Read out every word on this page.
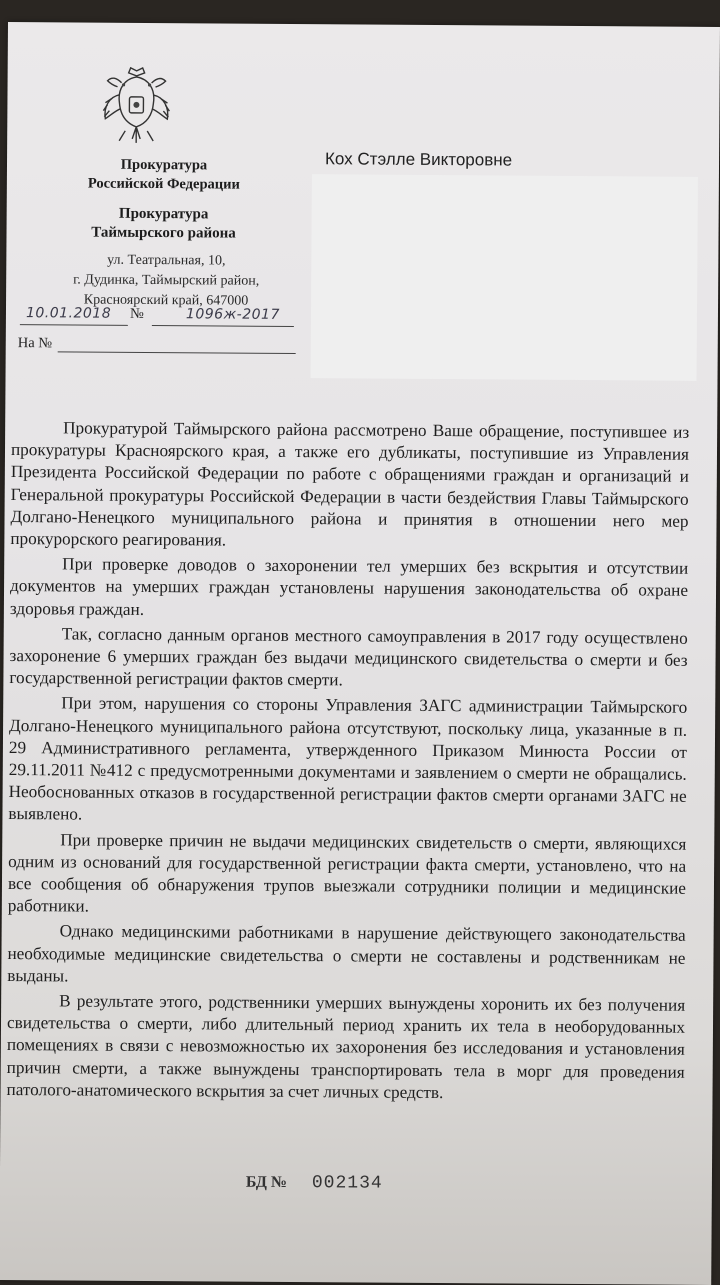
Прокуратура
Российской Федерации
Прокуратура
Таймырского района
ул. Театральная, 10,
г. Дудинка, Таймырский район,
Красноярский край, 647000
10.01.2018 №	1096ж-2017
На №
Кох Стэлле Викторовне

Прокуратурой Таймырского района рассмотрено Ваше обращение, поступившее из прокуратуры Красноярского края, а также его дубликаты, поступившие из Управления Президента Российской Федерации по работе с обращениями граждан и организаций и Генеральной прокуратуры Российской Федерации в части бездействия Главы Таймырского Долгано-Ненецкого муниципального района и принятия в отношении него мер прокурорского реагирования.

При проверке доводов о захоронении тел умерших без вскрытия и отсутствии документов на умерших граждан установлены нарушения законодательства об охране здоровья граждан.

Так, согласно данным органов местного самоуправления в 2017 году осуществлено захоронение 6 умерших граждан без выдачи медицинского свидетельства о смерти и без государственной регистрации фактов смерти.

При этом, нарушения со стороны Управления ЗАГС администрации Таймырского Долгано-Ненецкого муниципального района отсутствуют, поскольку лица, указанные в п. 29 Административного регламента, утвержденного Приказом Минюста России от 29.11.2011 №412 с предусмотренными документами и заявлением о смерти не обращались. Необоснованных отказов в государственной регистрации фактов смерти органами ЗАГС не выявлено.

При проверке причин не выдачи медицинских свидетельств о смерти, являющихся одним из оснований для государственной регистрации факта смерти, установлено, что на все сообщения об обнаружения трупов выезжали сотрудники полиции и медицинские работники.

Однако медицинскими работниками в нарушение действующего законодательства необходимые медицинские свидетельства о смерти не составлены и родственникам не выданы.

В результате этого, родственники умерших вынуждены хоронить их без получения свидетельства о смерти, либо длительный период хранить их тела в необорудованных помещениях в связи с невозможностью их захоронения без исследования и установления причин смерти, а также вынуждены транспортировать тела в морг для проведения патолого-анатомического вскрытия за счет личных средств.

БД № 002134
